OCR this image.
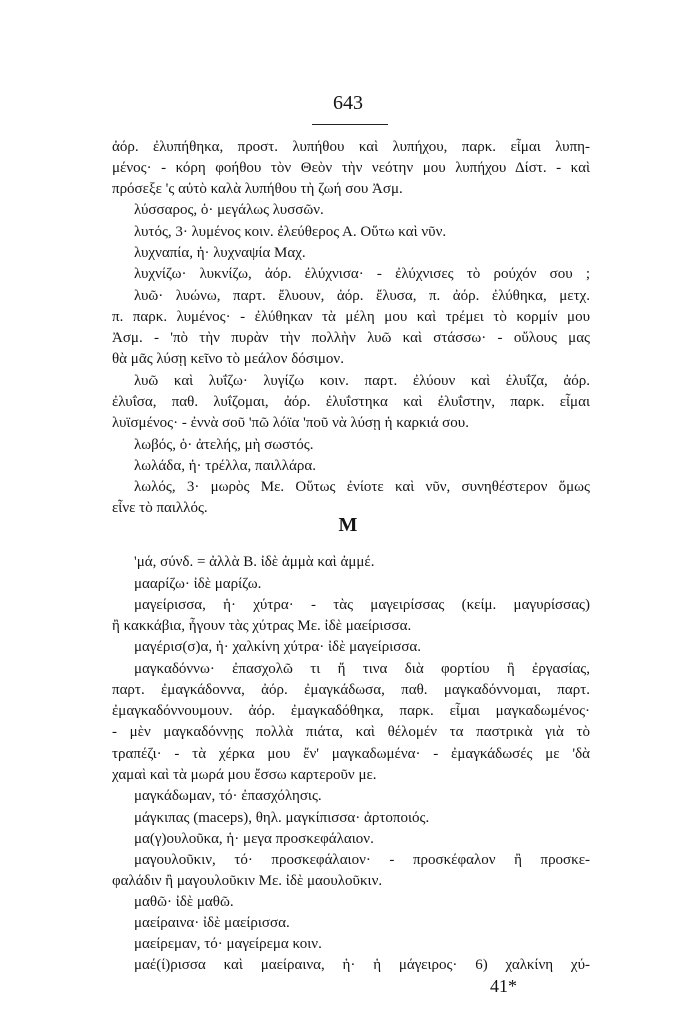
643
ἀόρ. ἐλυπήθηκα, προστ. λυπήθου καὶ λυπήχου, παρκ. εἶμαι λυπη-
μένος· - κόρη φοήθου τὸν Θεὸν τὴν νεότην μου λυπήχου Δίστ. - καὶ
πρόσεξε 'ς αὐτὸ καλὰ λυπήθου τὴ ζωή σου Ἀσμ.
λύσσαρος, ὁ· μεγάλως λυσσῶν.
λυτός, 3· λυμένος κοιν. ἐλεύθερος Α. Οὕτω καὶ νῦν.
λυχναπία, ἡ· λυχναψία Μαχ.
λυχνίζω· λυκνίζω, ἀόρ. ἐλύχνισα· - ἐλύχνισες τὸ ρούχόν σου ;
λυῶ· λυώνω, παρτ. ἔλυουν, ἀόρ. ἔλυσα, π. ἀόρ. ἐλύθηκα, μετχ.
π. παρκ. λυμένος· - ἐλύθηκαν τὰ μέλη μου καὶ τρέμει τὸ κορμίν μου
Ἀσμ. - 'πὸ τὴν πυρὰν τὴν πολλὴν λυῶ καὶ στάσσω· - οὔλους μας
θὰ μᾶς λύσῃ κεῖνο τὸ μεάλον δόσιμον.
λυῶ καὶ λυΐζω· λυγίζω κοιν. παρτ. ἐλύουν καὶ ἐλυΐζα, ἀόρ.
ἐλυΐσα, παθ. λυΐζομαι, ἀόρ. ἐλυΐστηκα καὶ ἐλυΐστην, παρκ. εἶμαι
λυϊσμένος· - ἐννὰ σοῦ 'πῶ λόϊα 'ποῦ νὰ λύσῃ ἡ καρκιά σου.
λωβός, ὁ· ἀτελής, μὴ σωστός.
λωλάδα, ἡ· τρέλλα, παιλλάρα.
λωλός, 3· μωρὸς Με. Οὕτως ἐνίοτε καὶ νῦν, συνηθέστερον ὅμως
εἶνε τὸ παιλλός.
Μ
'μά, σύνδ. = ἀλλὰ Β. ἰδὲ ἀμμὰ καὶ ἀμμέ.
μααρίζω· ἰδὲ μαρίζω.
μαγείρισσα, ἡ· χύτρα· - τὰς μαγειρίσσας (κείμ. μαγυρίσσας)
ἢ κακκάβια, ἦγουν τὰς χύτρας Με. ἰδὲ μαείρισσα.
μαγέρισ(σ)α, ἡ· χαλκίνη χύτρα· ἰδὲ μαγείρισσα.
μαγκαδόννω· ἐπασχολῶ τι ἤ τινα διὰ φορτίου ἢ ἐργασίας,
παρτ. ἐμαγκάδοννα, ἀόρ. ἐμαγκάδωσα, παθ. μαγκαδόννομαι, παρτ.
ἐμαγκαδόννουμουν. ἀόρ. ἐμαγκαδόθηκα, παρκ. εἶμαι μαγκαδωμένος·
- μὲν μαγκαδόννῃς πολλὰ πιάτα, καὶ θέλομέν τα παστρικὰ γιὰ τὸ
τραπέζι· - τὰ χέρκα μου ἔν' μαγκαδωμένα· - ἐμαγκάδωσές με 'δὰ
χαμαὶ καὶ τὰ μωρά μου ἔσσω καρτεροῦν με.
μαγκάδωμαν, τό· ἐπασχόλησις.
μάγκιπας (maceps), θηλ. μαγκίπισσα· ἀρτοποιός.
μα(γ)ουλοῦκα, ἡ· μεγα προσκεφάλαιον.
μαγουλοῦκιν, τό· προσκεφάλαιον· - προσκέφαλον ἢ προσκε-
φαλάδιν ἢ μαγουλοῦκιν Με. ἰδὲ μαουλοῦκιν.
μαθῶ· ἰδὲ μαθῶ.
μαείραινα· ἰδὲ μαείρισσα.
μαείρεμαν, τό· μαγείρεμα κοιν.
μαέ(ί)ρισσα καὶ μαείραινα, ἡ· ἡ μάγειρος· 6) χαλκίνη χύ-
41*
